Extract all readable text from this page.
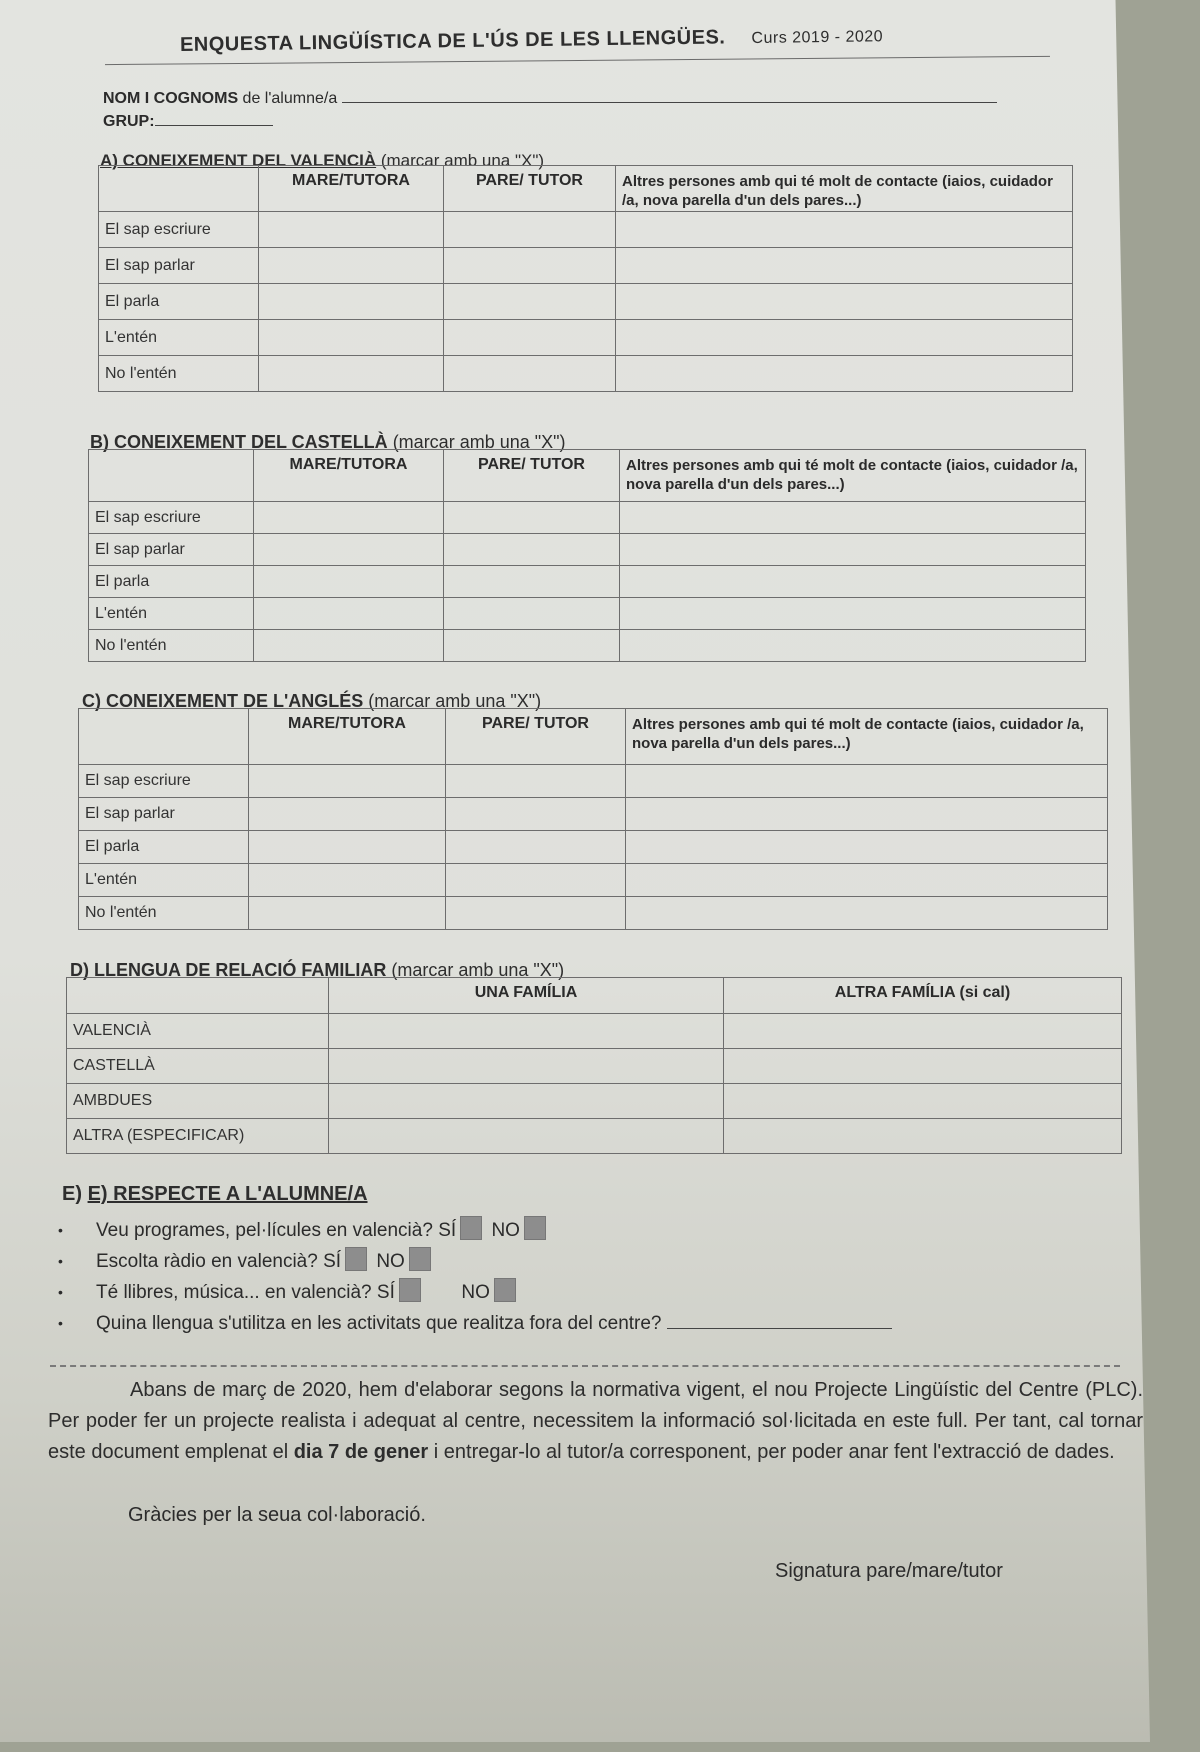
ENQUESTA LINGÜÍSTICA DE L'ÚS DE LES LLENGÜES. Curs 2019 - 2020
NOM I COGNOMS de l'alumne/a
GRUP:
A) CONEIXEMENT DEL VALENCIÀ (marcar amb una "X")
	MARE/TUTORA	PARE/ TUTOR	Altres persones amb qui té molt de contacte (iaios, cuidador /a, nova parella d'un dels pares...)
El sap escriure			
El sap parlar			
El parla			
L'entén			
No l'entén			
B) CONEIXEMENT DEL CASTELLÀ (marcar amb una "X")
	MARE/TUTORA	PARE/ TUTOR	Altres persones amb qui té molt de contacte (iaios, cuidador /a, nova parella d'un dels pares...)
El sap escriure			
El sap parlar			
El parla			
L'entén			
No l'entén			
C) CONEIXEMENT DE L'ANGLÉS (marcar amb una "X")
	MARE/TUTORA	PARE/ TUTOR	Altres persones amb qui té molt de contacte (iaios, cuidador /a, nova parella d'un dels pares...)
El sap escriure			
El sap parlar			
El parla			
L'entén			
No l'entén			
D) LLENGUA DE RELACIÓ FAMILIAR (marcar amb una "X")
	UNA FAMÍLIA	ALTRA FAMÍLIA (si cal)
VALENCIÀ		
CASTELLÀ		
AMBDUES		
ALTRA (ESPECIFICAR)		
E) E) RESPECTE A L'ALUMNE/A
• Veu programes, pel·lícules en valencià? SÍ NO
• Escolta ràdio en valencià? SÍ NO
• Té llibres, música... en valencià? SÍ	NO
• Quina llengua s'utilitza en les activitats que realitza fora del centre?
Abans de març de 2020, hem d'elaborar segons la normativa vigent, el nou Projecte Lingüístic del Centre (PLC). Per poder fer un projecte realista i adequat al centre, necessitem la informació sol·licitada en este full. Per tant, cal tornar este document emplenat el dia 7 de gener i entregar-lo al tutor/a corresponent, per poder anar fent l'extracció de dades.
Gràcies per la seua col·laboració.
Signatura pare/mare/tutor
